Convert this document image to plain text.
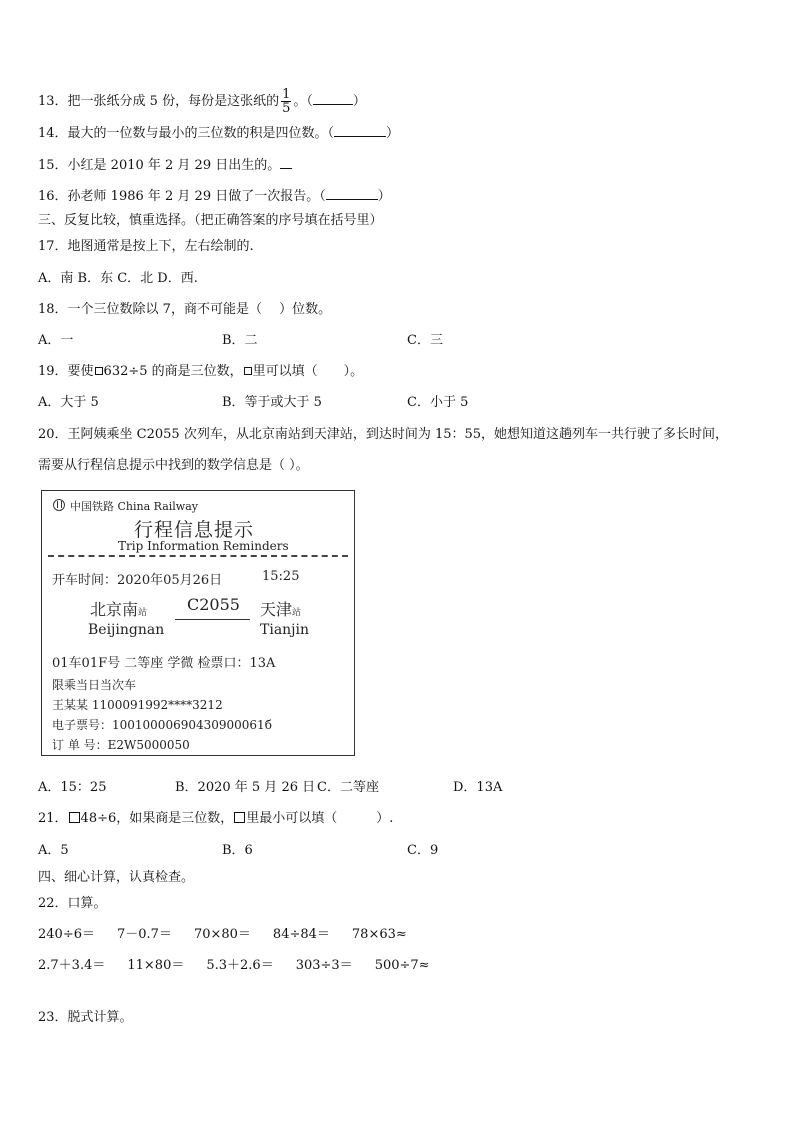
13．把一张纸分成 5 份，每份是这张纸的 $\frac{1}{5}$ 。（	）
14．最大的一位数与最小的三位数的积是四位数。（	）
15．小红是 2010 年 2 月 29 日出生的。
16．孙老师 1986 年 2 月 29 日做了一次报告。（	）
三、反复比较，慎重选择。（把正确答案的序号填在括号里）
17．地图通常是按上下，左右绘制的.
A．南 B．东 C．北 D．西.
18．一个三位数除以 7，商不可能是（　 ）位数。
A．一	B．二	C．三
19．要使 632÷5 的商是三位数， 里可以填（　　）。
A．大于 5	B．等于或大于 5	C．小于 5
20．王阿姨乘坐 C2055 次列车，从北京南站到天津站，到达时间为 15：55，她想知道这趟列车一共行驶了多长时间，
需要从行程信息提示中找到的数学信息是（ ）。
中国铁路 China Railway
行程信息提示
Trip Information Reminders
开车时间：2020年05月26日	15:25
北京南站 C2055 天津站
Beijingnan	Tianjin
01车01F号 二等座 学微 检票口：13A
限乘当日当次车
王某某 1100091992****3212
电子票号：10010000690430900061б
订 单 号：E2W5000050
A．15：25	B．2020 年 5 月 26 日 C．二等座	D．13A
21． 48÷6，如果商是三位数， 里最小可以填（　　　）.
A．5	B．6	C．9
四、细心计算，认真检查。
22．口算。
240÷6＝ 7－0.7＝ 70×80＝ 84÷84＝ 78×63≈
2.7＋3.4＝ 11×80＝ 5.3＋2.6＝ 303÷3＝ 500÷7≈
23．脱式计算。
